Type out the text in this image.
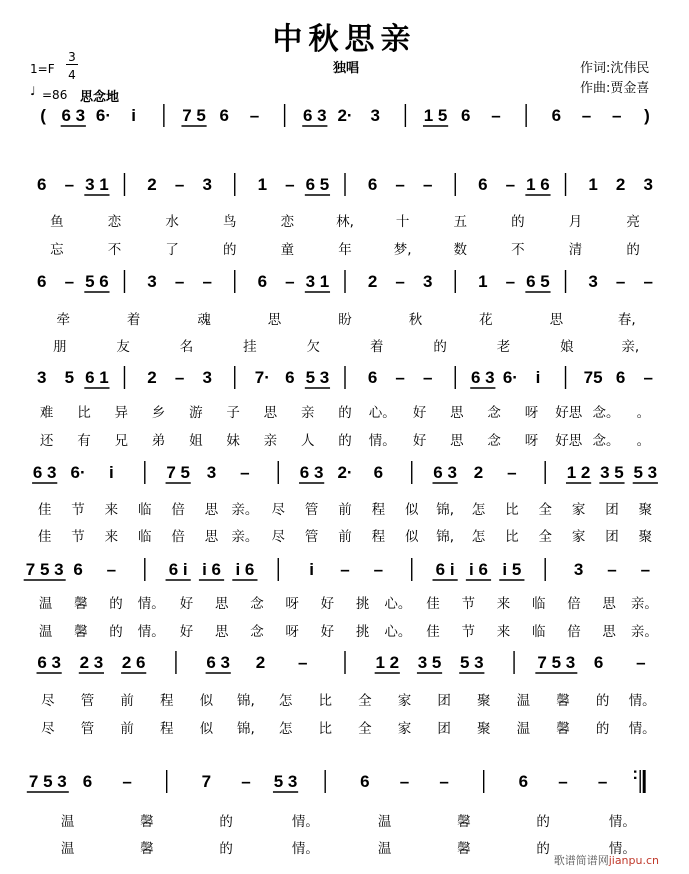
中秋思亲
独唱	作词:沈伟民
作曲:贾金喜
1=F
3
4
♩ =86 思念地
( 6 3 6· i	7 5 6 –	6 3 2· 3	1 5 6 –	6 – – )
6 – 3 1 2 – 3	1 – 6 5 6 – –	6 – 1 6 1 2 3
鱼	恋	水	鸟	恋	林,	十	五	的	月	亮
忘	不	了	的	童	年	梦,	数	不	清	的
6 – 5 6 3 – –	6 – 3 1 2 – 3	1 – 6 5 3 – –
牵	着	魂	思	盼	秋	花	思	春,
朋	友	名	挂	欠	着	的	老	娘	亲,
3 5 6 1 2 – 3	7· 6 5 3 6 – – 6 3 6· i	75 6 –
难 比 异 乡 游 子 思 亲 的 心。 好 思 念 呀 好思 念。 。
还 有 兄 弟 姐 妹 亲 人 的 情。 好 思 念 呀 好思 念。 。
6 3 6· i	7 5 3 –	6 3 2· 6	6 3 2 –	1 2 3 5 5 3
佳 节 来 临 倍 思 亲。 尽 管 前 程 似 锦, 怎 比 全 家 团 聚
佳 节 来 临 倍 思 亲。 尽 管 前 程 似 锦, 怎 比 全 家 团 聚
7 5 3 6 –	6 i i 6 i 6	i – –	6 i i 6 i 5	3 – –
温 馨 的 情。 好 思 念 呀 好 挑 心。 佳 节 来 临 倍 思 亲。
温 馨 的 情。 好 思 念 呀 好 挑 心。 佳 节 来 临 倍 思 亲。
6 3 2 3 2 6	6 3 2 –	1 2 3 5 5 3	7 5 3 6 –
尽 管 前 程 似 锦, 怎 比 全 家 团 聚 温 馨 的 情。
尽 管 前 程 似 锦, 怎 比 全 家 团 聚 温 馨 的 情。
7 5 3 6 –	7 – 5 3	6 – –	6 – – :
温	馨	的	情。	温	馨	的	情。
温	馨	的	情。	温	馨	的	情。
歌谱简谱网jianpu.cn
